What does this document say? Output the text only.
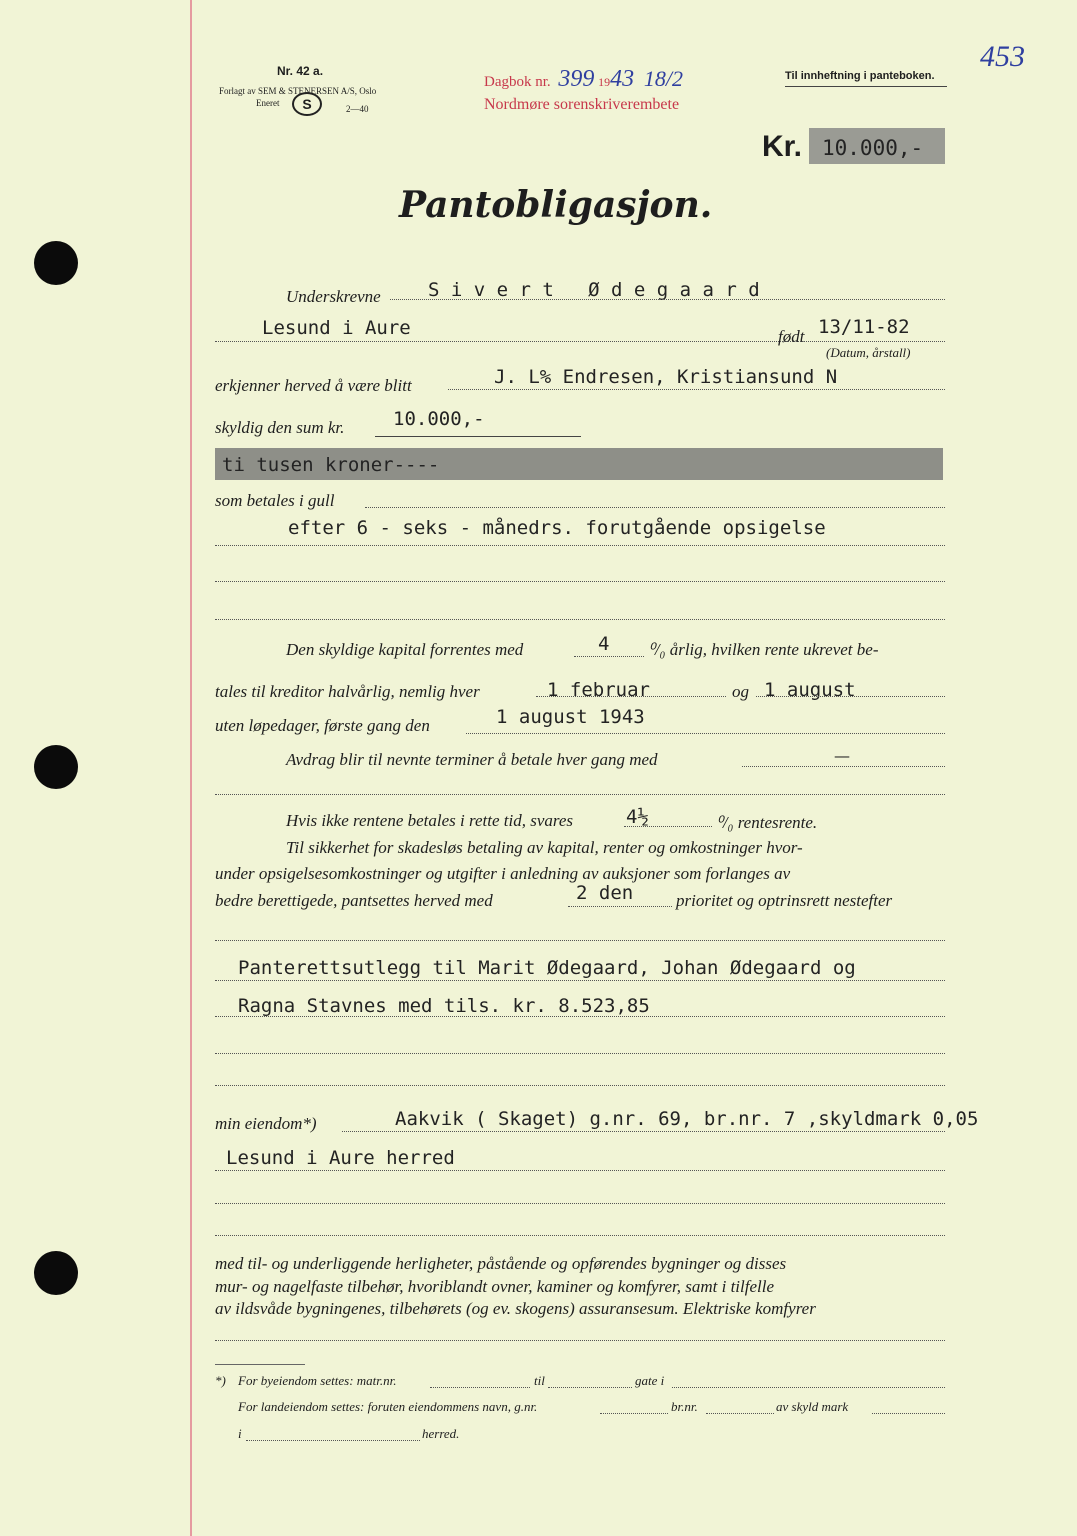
Nr. 42 a.
Forlagt av SEM & STENERSEN A/S, Oslo
Eneret	S	2—40
Dagbok nr. 399 1943 18/2
Nordmøre sorenskriverembete
Til innheftning i panteboken.
453
Kr. 10.000,-
Pantobligasjon.
Underskrevne S i v e r t   Ø d e g a a r d
Lesund i Aure	født 13/11-82
(Datum, årstall)
erkjenner herved å være blitt	J. L% Endresen, Kristiansund N
skyldig den sum kr.	10.000,-
ti tusen kroner----
som betales i gull
efter 6 - seks - månedrs. forutgående opsigelse
Den skyldige kapital forrentes med	4 ⁰/₀ årlig, hvilken rente ukrevet be-
tales til kreditor halvårlig, nemlig hver	1 februar	og 1 august
uten løpedager, første gang den	1 august 1943
Avdrag blir til nevnte terminer å betale hver gang med	—
Hvis ikke rentene betales i rette tid, svares	4½	⁰/₀ rentesrente.
Til sikkerhet for skadesløs betaling av kapital, renter og omkostninger hvor-
under opsigelsesomkostninger og utgifter i anledning av auksjoner som forlanges av
bedre berettigede, pantsettes herved med	2 den	prioritet og optrinsrett nestefter
Panterettsutlegg til Marit Ødegaard, Johan Ødegaard og
Ragna Stavnes med tils. kr. 8.523,85
min eiendom*)	Aakvik ( Skaget) g.nr. 69, br.nr. 7 ,skyldmark 0,05
Lesund i Aure herred
med til- og underliggende herligheter, påstående og opførendes bygninger og disses
mur- og nagelfaste tilbehør, hvoriblandt ovner, kaminer og komfyrer, samt i tilfelle
av ildsvåde bygningenes, tilbehørets (og ev. skogens) assuransesum. Elektriske komfyrer
*) For byeiendom settes: matr.nr.	til	gate i
For landeiendom settes: foruten eiendommens navn, g.nr.	br.nr.	av skyld mark
i	herred.
